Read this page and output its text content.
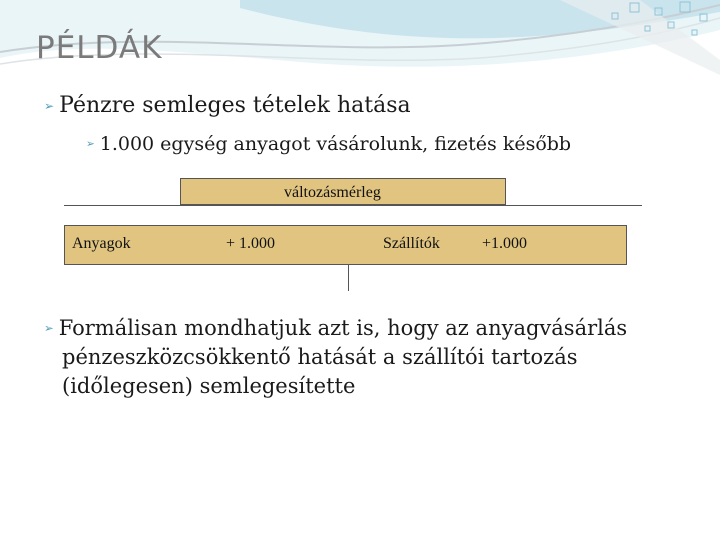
PÉLDÁK
➢ Pénzre semleges tételek hatása
➢ 1.000 egység anyagot vásárolunk, fizetés később
változásmérleg
Anyagok	+ 1.000	Szállítók	+1.000
➢ Formálisan mondhatjuk azt is, hogy az anyagvásárlás
pénzeszközcsökkentő hatását a szállítói tartozás
(időlegesen) semlegesítette
